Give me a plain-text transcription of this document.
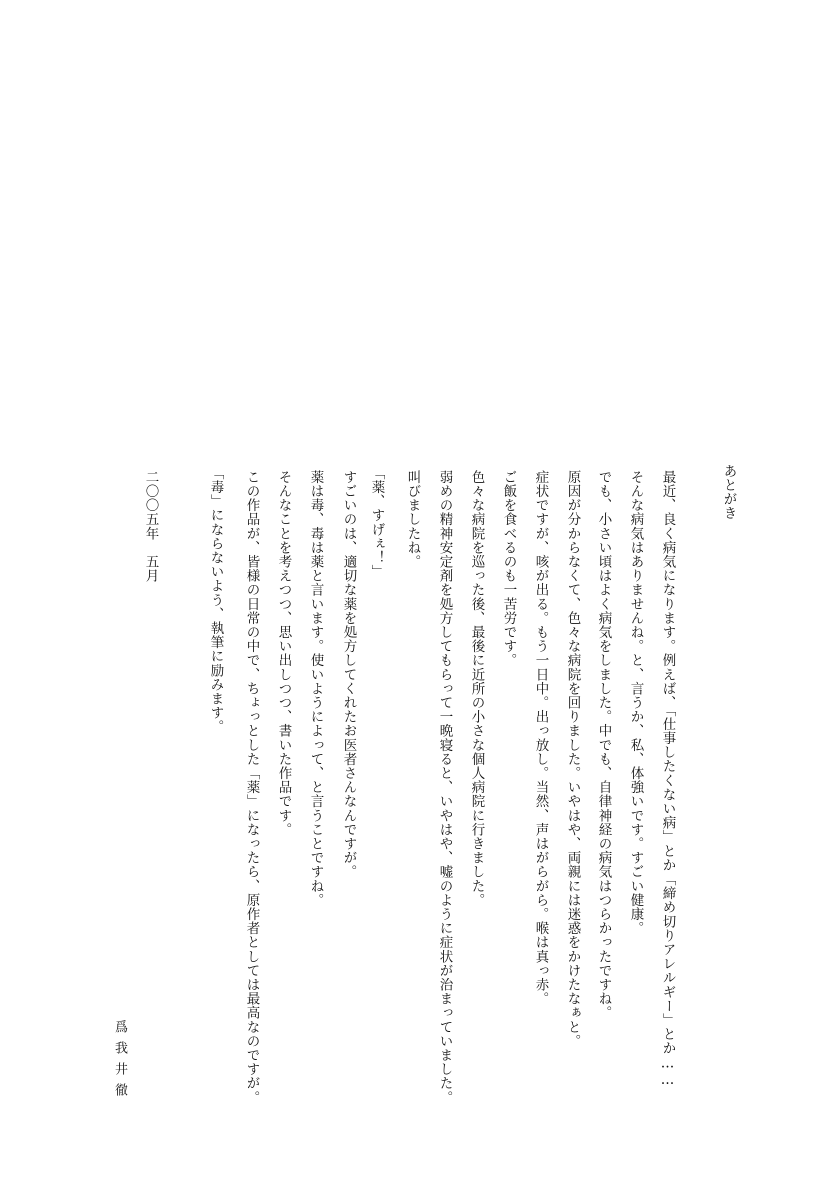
あとがき
最近、良く病気になります。例えば、「仕事したくない病」とか「締め切りアレルギー」とか……
そんな病気はありませんね。と、言うか、私、体強いです。すごい健康。
でも、小さい頃はよく病気をしました。中でも、自律神経の病気はつらかったですね。
原因が分からなくて、色々な病院を回りました。いやはや、両親には迷惑をかけたなぁと。
症状ですが、咳が出る。もう一日中。出っ放し。当然、声はがらがら。喉は真っ赤。
ご飯を食べるのも一苦労です。
色々な病院を巡った後、最後に近所の小さな個人病院に行きました。
弱めの精神安定剤を処方してもらって一晩寝ると、いやはや、嘘のように症状が治まっていました。
叫びましたね。
「薬、すげぇ！」
すごいのは、適切な薬を処方してくれたお医者さんなんですが。
薬は毒、毒は薬と言います。使いようによって、と言うことですね。
そんなことを考えつつ、思い出しつつ、書いた作品です。
この作品が、皆様の日常の中で、ちょっとした「薬」になったら、原作者としては最高なのですが。
「毒」にならないよう、執筆に励みます。
二〇〇五年　五月
爲我井徹
